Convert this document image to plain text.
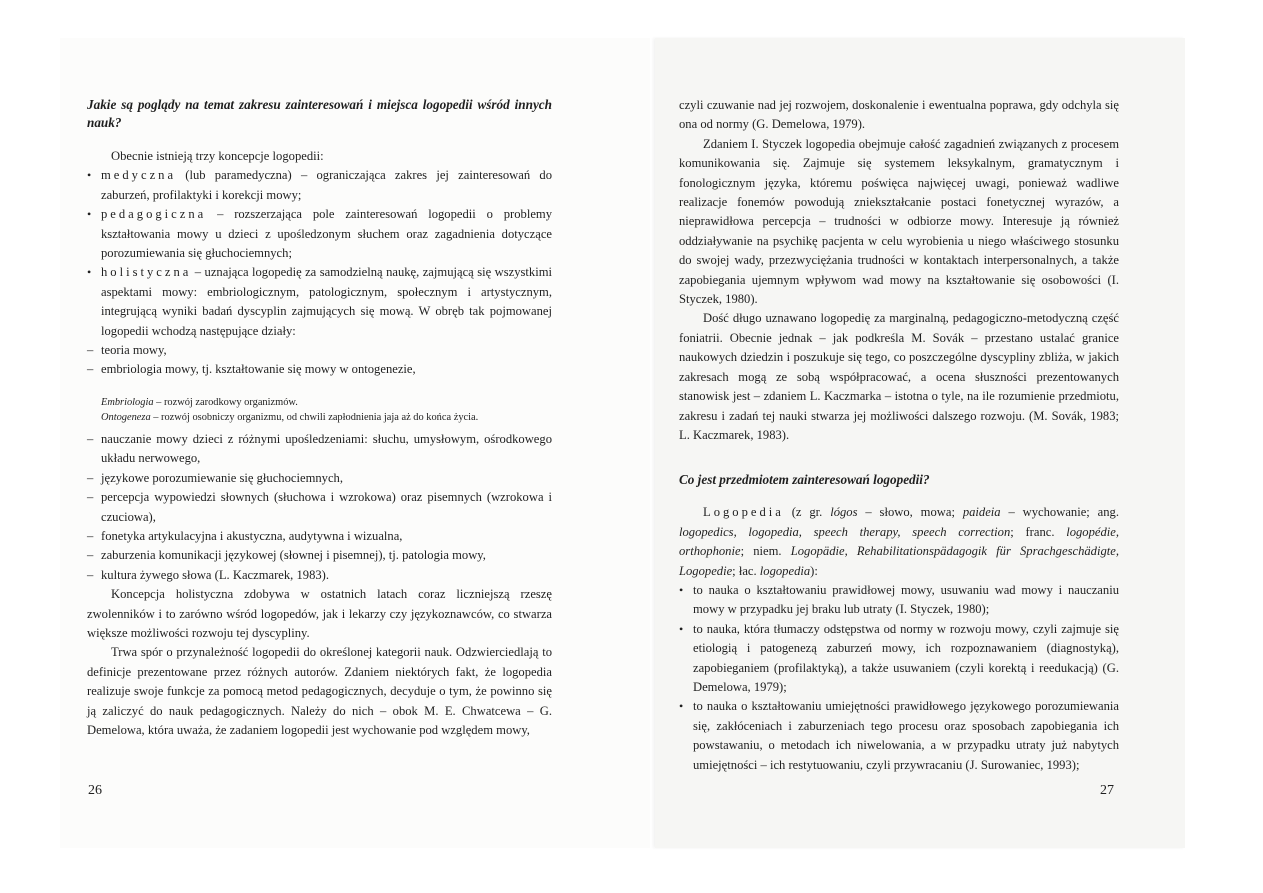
Jakie są poglądy na temat zakresu zainteresowań i miejsca logopedii wśród innych nauk?

Obecnie istnieją trzy koncepcje logopedii:

• medyczna (lub paramedyczna) – ograniczająca zakres jej zainteresowań do zaburzeń, profilaktyki i korekcji mowy;
• pedagogiczna – rozszerzająca pole zainteresowań logopedii o problemy kształtowania mowy u dzieci z upośledzonym słuchem oraz zagadnienia dotyczące porozumiewania się głuchociemnych;
• holistyczna – uznająca logopedię za samodzielną naukę, zajmującą się wszystkimi aspektami mowy: embriologicznym, patologicznym, społecznym i artystycznym, integrującą wyniki badań dyscyplin zajmujących się mową. W obręb tak pojmowanej logopedii wchodzą następujące działy:
– teoria mowy,
– embriologia mowy, tj. kształtowanie się mowy w ontogenezie,
Embriologia – rozwój zarodkowy organizmów.
Ontogeneza – rozwój osobniczy organizmu, od chwili zapłodnienia jaja aż do końca życia.
– nauczanie mowy dzieci z różnymi upośledzeniami: słuchu, umysłowym, ośrodkowego układu nerwowego,
– językowe porozumiewanie się głuchociemnych,
– percepcja wypowiedzi słownych (słuchowa i wzrokowa) oraz pisemnych (wzrokowa i czuciowa),
– fonetyka artykulacyjna i akustyczna, audytywna i wizualna,
– zaburzenia komunikacji językowej (słownej i pisemnej), tj. patologia mowy,
– kultura żywego słowa (L. Kaczmarek, 1983).

Koncepcja holistyczna zdobywa w ostatnich latach coraz liczniejszą rzeszę zwolenników i to zarówno wśród logopedów, jak i lekarzy czy językoznawców, co stwarza większe możliwości rozwoju tej dyscypliny.

Trwa spór o przynależność logopedii do określonej kategorii nauk. Odzwierciedlają to definicje prezentowane przez różnych autorów. Zdaniem niektórych fakt, że logopedia realizuje swoje funkcje za pomocą metod pedagogicznych, decyduje o tym, że powinno się ją zaliczyć do nauk pedagogicznych. Należy do nich – obok M. E. Chwatcewa – G. Demelowa, która uważa, że zadaniem logopedii jest wychowanie pod względem mowy,

26

czyli czuwanie nad jej rozwojem, doskonalenie i ewentualna poprawa, gdy odchyla się ona od normy (G. Demelowa, 1979).

Zdaniem I. Styczek logopedia obejmuje całość zagadnień związanych z procesem komunikowania się. Zajmuje się systemem leksykalnym, gramatycznym i fonologicznym języka, któremu poświęca najwięcej uwagi, ponieważ wadliwe realizacje fonemów powodują zniekształcanie postaci fonetycznej wyrazów, a nieprawidłowa percepcja – trudności w odbiorze mowy. Interesuje ją również oddziaływanie na psychikę pacjenta w celu wyrobienia u niego właściwego stosunku do swojej wady, przezwyciężania trudności w kontaktach interpersonalnych, a także zapobiegania ujemnym wpływom wad mowy na kształtowanie się osobowości (I. Styczek, 1980).

Dość długo uznawano logopedię za marginalną, pedagogiczno-metodyczną część foniatrii. Obecnie jednak – jak podkreśla M. Sovák – przestano ustalać granice naukowych dziedzin i poszukuje się tego, co poszczególne dyscypliny zbliża, w jakich zakresach mogą ze sobą współpracować, a ocena słuszności prezentowanych stanowisk jest – zdaniem L. Kaczmarka – istotna o tyle, na ile rozumienie przedmiotu, zakresu i zadań tej nauki stwarza jej możliwości dalszego rozwoju. (M. Sovák, 1983; L. Kaczmarek, 1983).

Co jest przedmiotem zainteresowań logopedii?

Logopedia (z gr. lógos – słowo, mowa; paideia – wychowanie; ang. logopedics, logopedia, speech therapy, speech correction; franc. logopédie, orthophonie; niem. Logopädie, Rehabilitationspädagogik für Sprachgeschädigte, Logopedie; łac. logopedia):

• to nauka o kształtowaniu prawidłowej mowy, usuwaniu wad mowy i nauczaniu mowy w przypadku jej braku lub utraty (I. Styczek, 1980);
• to nauka, która tłumaczy odstępstwa od normy w rozwoju mowy, czyli zajmuje się etiologią i patogenezą zaburzeń mowy, ich rozpoznawaniem (diagnostyką), zapobieganiem (profilaktyką), a także usuwaniem (czyli korektą i reedukacją) (G. Demelowa, 1979);
• to nauka o kształtowaniu umiejętności prawidłowego językowego porozumiewania się, zakłóceniach i zaburzeniach tego procesu oraz sposobach zapobiegania ich powstawaniu, o metodach ich niwelowania, a w przypadku utraty już nabytych umiejętności – ich restytuowaniu, czyli przywracaniu (J. Surowaniec, 1993);
27
